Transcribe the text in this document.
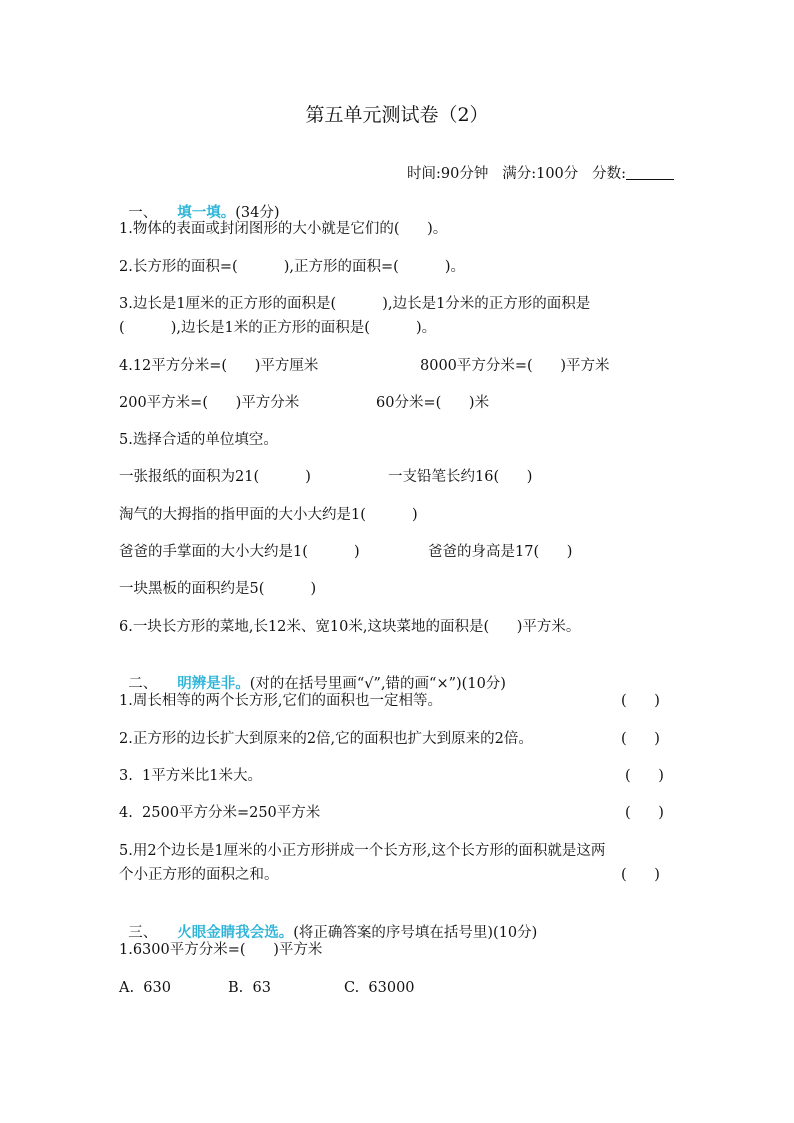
第五单元测试卷（2）

时间:90分钟 满分:100分 分数:

一、 填一填。(34分)

1.物体的表面或封闭图形的大小就是它们的(      )。
2.长方形的面积=(          ),正方形的面积=(          )。
3.边长是1厘米的正方形的面积是(          ),边长是1分米的正方形的面积是
(          ),边长是1米的正方形的面积是(          )。
4.12平方分米=(      )平方厘米	8000平方分米=(      )平方米
200平方米=(      )平方分米	60分米=(      )米
5.选择合适的单位填空。
一张报纸的面积为21(          )	一支铅笔长约16(      )
淘气的大拇指的指甲面的大小大约是1(          )
爸爸的手掌面的大小大约是1(          )	爸爸的身高是17(      )
一块黑板的面积约是5(          )
6.一块长方形的菜地,长12米、宽10米,这块菜地的面积是(      )平方米。

二、 明辨是非。(对的在括号里画“√”,错的画“×”)(10分)

1.周长相等的两个长方形,它们的面积也一定相等。	(      )
2.正方形的边长扩大到原来的2倍,它的面积也扩大到原来的2倍。	(      )
3.  1平方米比1米大。	(      )
4.  2500平方分米=250平方米	(      )
5.用2个边长是1厘米的小正方形拼成一个长方形,这个长方形的面积就是这两
个小正方形的面积之和。	(      )

三、 火眼金睛我会选。(将正确答案的序号填在括号里)(10分)

1.6300平方分米=(      )平方米
A.  630	B.  63	C.  63000
